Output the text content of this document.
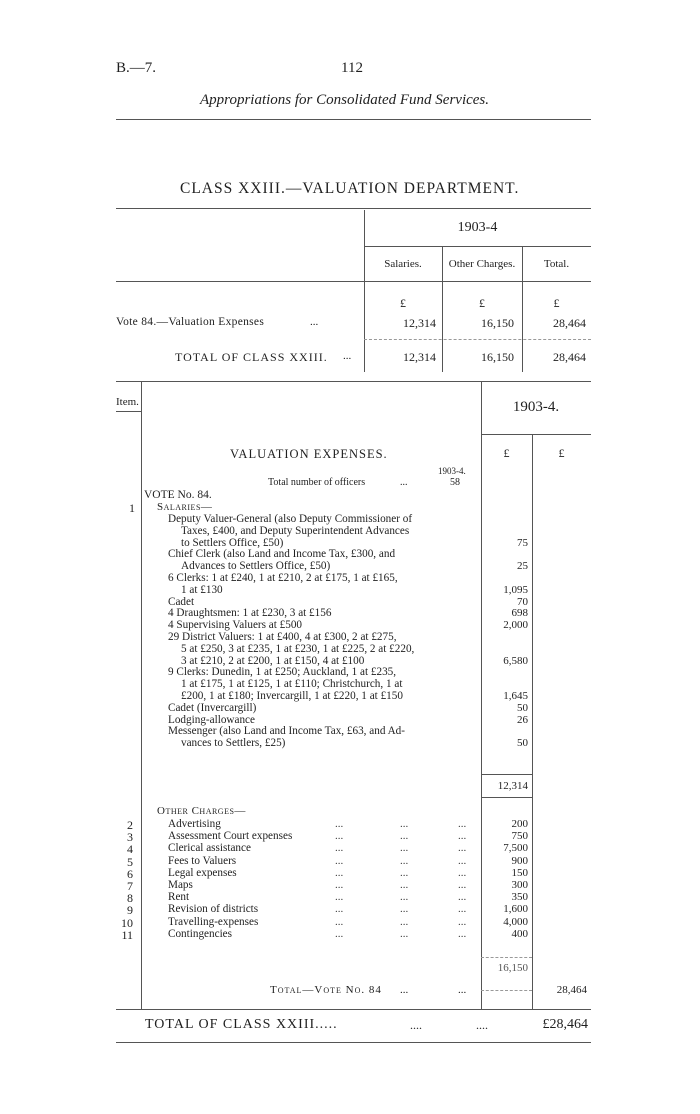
B.—7.	112
Appropriations for Consolidated Fund Services.
CLASS XXIII.—VALUATION DEPARTMENT.
1903-4
Salaries.	Other Charges.	Total.
£	£	£
Vote 84.—Valuation Expenses	...	12,314	16,150	28,464
TOTAL OF CLASS XXIII. ...	12,314	16,150	28,464
Item.	1903-4.
£	£
VALUATION EXPENSES.
1903-4.
Total number of officers	...	58
VOTE No. 84.
1 Salaries—
Deputy Valuer-General (also Deputy Commissioner of
Taxes, £400, and Deputy Superintendent Advances
to Settlers Office, £50)	75
Chief Clerk (also Land and Income Tax, £300, and
Advances to Settlers Office, £50)	25
6 Clerks: 1 at £240, 1 at £210, 2 at £175, 1 at £165,
1 at £130	1,095
Cadet	70
4 Draughtsmen: 1 at £230, 3 at £156	698
4 Supervising Valuers at £500	2,000
29 District Valuers: 1 at £400, 4 at £300, 2 at £275,
5 at £250, 3 at £235, 1 at £230, 1 at £225, 2 at £220,
3 at £210, 2 at £200, 1 at £150, 4 at £100	6,580
9 Clerks: Dunedin, 1 at £250; Auckland, 1 at £235,
1 at £175, 1 at £125, 1 at £110; Christchurch, 1 at
£200, 1 at £180; Invercargill, 1 at £220, 1 at £150	1,645
Cadet (Invercargill)	50
Lodging-allowance	26
Messenger (also Land and Income Tax, £63, and Ad-
vances to Settlers, £25)	50
12,314
Other Charges—
2	Advertising	...	...	...	200
3	Assessment Court expenses	...	...	...	750
4	Clerical assistance	...	...	...	7,500
5	Fees to Valuers	...	...	...	900
6	Legal expenses	...	...	...	150
7	Maps	...	...	...	300
8	Rent	...	...	...	350
9	Revision of districts	...	...	...	1,600
10	Travelling-expenses	...	...	...	4,000
11	Contingencies	...	...	...	400
16,150
Total—Vote No. 84 ...	...	28,464
TOTAL OF CLASS XXIII.....	....	....	£28,464
